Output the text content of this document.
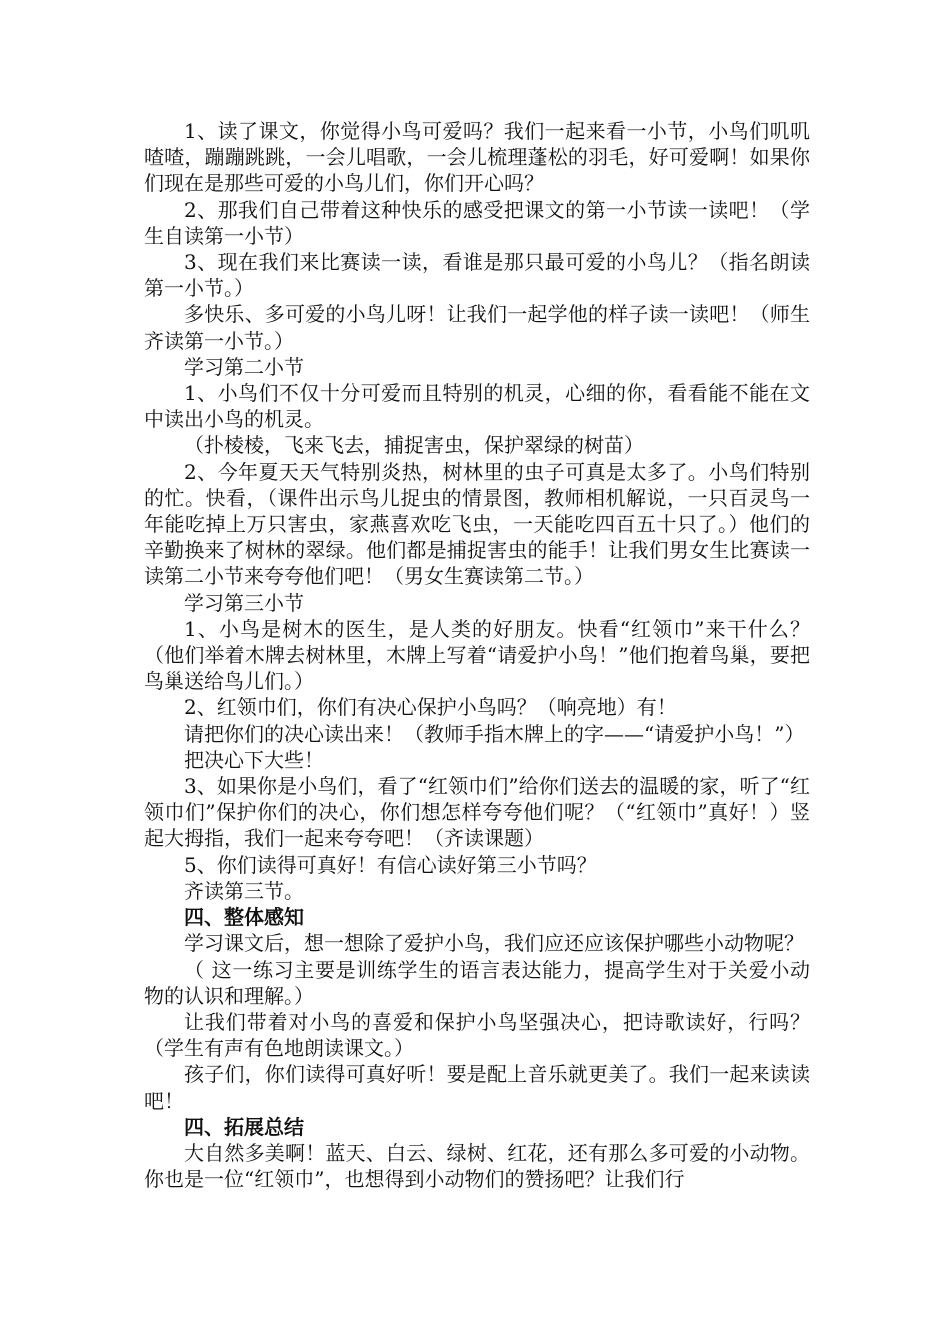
1、读了课文，你觉得小鸟可爱吗？我们一起来看一小节，小鸟们叽叽喳喳，蹦蹦跳跳，一会儿唱歌，一会儿梳理蓬松的羽毛，好可爱啊！如果你们现在是那些可爱的小鸟儿们，你们开心吗？

2、那我们自己带着这种快乐的感受把课文的第一小节读一读吧！（学生自读第一小节）

3、现在我们来比赛读一读，看谁是那只最可爱的小鸟儿？（指名朗读第一小节。）

多快乐、多可爱的小鸟儿呀！让我们一起学他的样子读一读吧！（师生齐读第一小节。）

学习第二小节

1、小鸟们不仅十分可爱而且特别的机灵，心细的你，看看能不能在文中读出小鸟的机灵。

（扑棱棱，飞来飞去，捕捉害虫，保护翠绿的树苗）

2、今年夏天天气特别炎热，树林里的虫子可真是太多了。小鸟们特别的忙。快看，（课件出示鸟儿捉虫的情景图，教师相机解说，一只百灵鸟一年能吃掉上万只害虫，家燕喜欢吃飞虫，一天能吃四百五十只了。）他们的辛勤换来了树林的翠绿。他们都是捕捉害虫的能手！让我们男女生比赛读一读第二小节来夸夸他们吧！（男女生赛读第二节。）

学习第三小节

1、小鸟是树木的医生，是人类的好朋友。快看“红领巾”来干什么？（他们举着木牌去树林里，木牌上写着“请爱护小鸟！”他们抱着鸟巢，要把鸟巢送给鸟儿们。）

2、红领巾们，你们有决心保护小鸟吗？（响亮地）有！

请把你们的决心读出来！（教师手指木牌上的字——“请爱护小鸟！”）

把决心下大些！

3、如果你是小鸟们，看了“红领巾们”给你们送去的温暖的家，听了“红领巾们”保护你们的决心，你们想怎样夸夸他们呢？（“红领巾”真好！）竖起大拇指，我们一起来夸夸吧！（齐读课题）

5、你们读得可真好！有信心读好第三小节吗？

齐读第三节。

四、整体感知

学习课文后，想一想除了爱护小鸟，我们应还应该保护哪些小动物呢？

（ 这一练习主要是训练学生的语言表达能力，提高学生对于关爱小动物的认识和理解。）

让我们带着对小鸟的喜爱和保护小鸟坚强决心，把诗歌读好，行吗？（学生有声有色地朗读课文。）

孩子们，你们读得可真好听！要是配上音乐就更美了。我们一起来读读吧！

四、拓展总结

大自然多美啊！蓝天、白云、绿树、红花，还有那么多可爱的小动物。你也是一位“红领巾”，也想得到小动物们的赞扬吧？让我们行
